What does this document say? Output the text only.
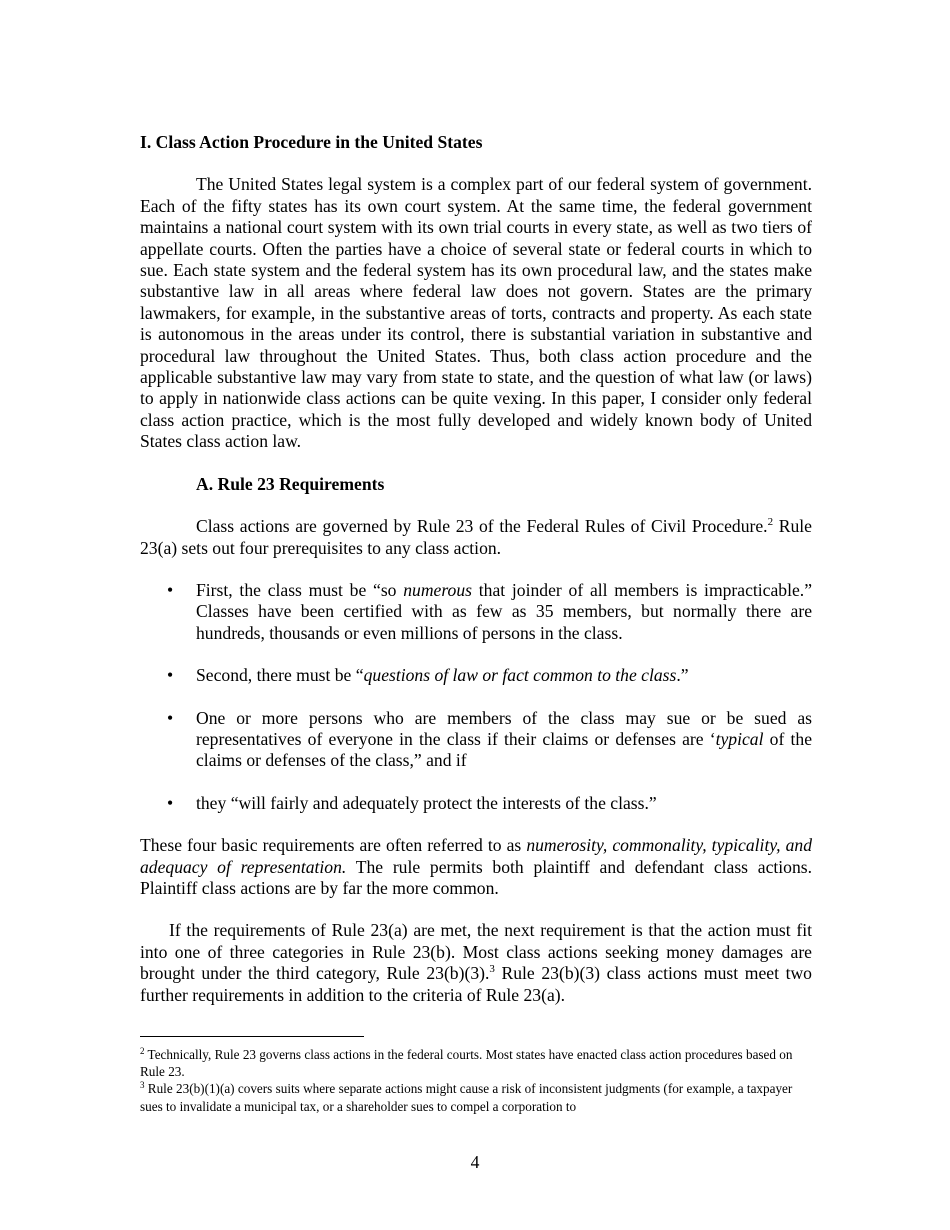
I. Class Action Procedure in the United States

The United States legal system is a complex part of our federal system of government. Each of the fifty states has its own court system. At the same time, the federal government maintains a national court system with its own trial courts in every state, as well as two tiers of appellate courts. Often the parties have a choice of several state or federal courts in which to sue. Each state system and the federal system has its own procedural law, and the states make substantive law in all areas where federal law does not govern. States are the primary lawmakers, for example, in the substantive areas of torts, contracts and property. As each state is autonomous in the areas under its control, there is substantial variation in substantive and procedural law throughout the United States. Thus, both class action procedure and the applicable substantive law may vary from state to state, and the question of what law (or laws) to apply in nationwide class actions can be quite vexing. In this paper, I consider only federal class action practice, which is the most fully developed and widely known body of United States class action law.

A. Rule 23 Requirements

Class actions are governed by Rule 23 of the Federal Rules of Civil Procedure.$^2$ Rule 23(a) sets out four prerequisites to any class action.

• First, the class must be “so numerous that joinder of all members is impracticable.” Classes have been certified with as few as 35 members, but normally there are hundreds, thousands or even millions of persons in the class.
• Second, there must be “questions of law or fact common to the class.”
• One or more persons who are members of the class may sue or be sued as representatives of everyone in the class if their claims or defenses are ‘typical of the claims or defenses of the class,” and if
• they “will fairly and adequately protect the interests of the class.”

These four basic requirements are often referred to as numerosity, commonality, typicality, and adequacy of representation. The rule permits both plaintiff and defendant class actions. Plaintiff class actions are by far the more common.

If the requirements of Rule 23(a) are met, the next requirement is that the action must fit into one of three categories in Rule 23(b). Most class actions seeking money damages are brought under the third category, Rule 23(b)(3).$^3$ Rule 23(b)(3) class actions must meet two further requirements in addition to the criteria of Rule 23(a).

$^2$ Technically, Rule 23 governs class actions in the federal courts. Most states have enacted class action procedures based on Rule 23.

$^3$ Rule 23(b)(1)(a) covers suits where separate actions might cause a risk of inconsistent judgments (for example, a taxpayer sues to invalidate a municipal tax, or a shareholder sues to compel a corporation to

4
